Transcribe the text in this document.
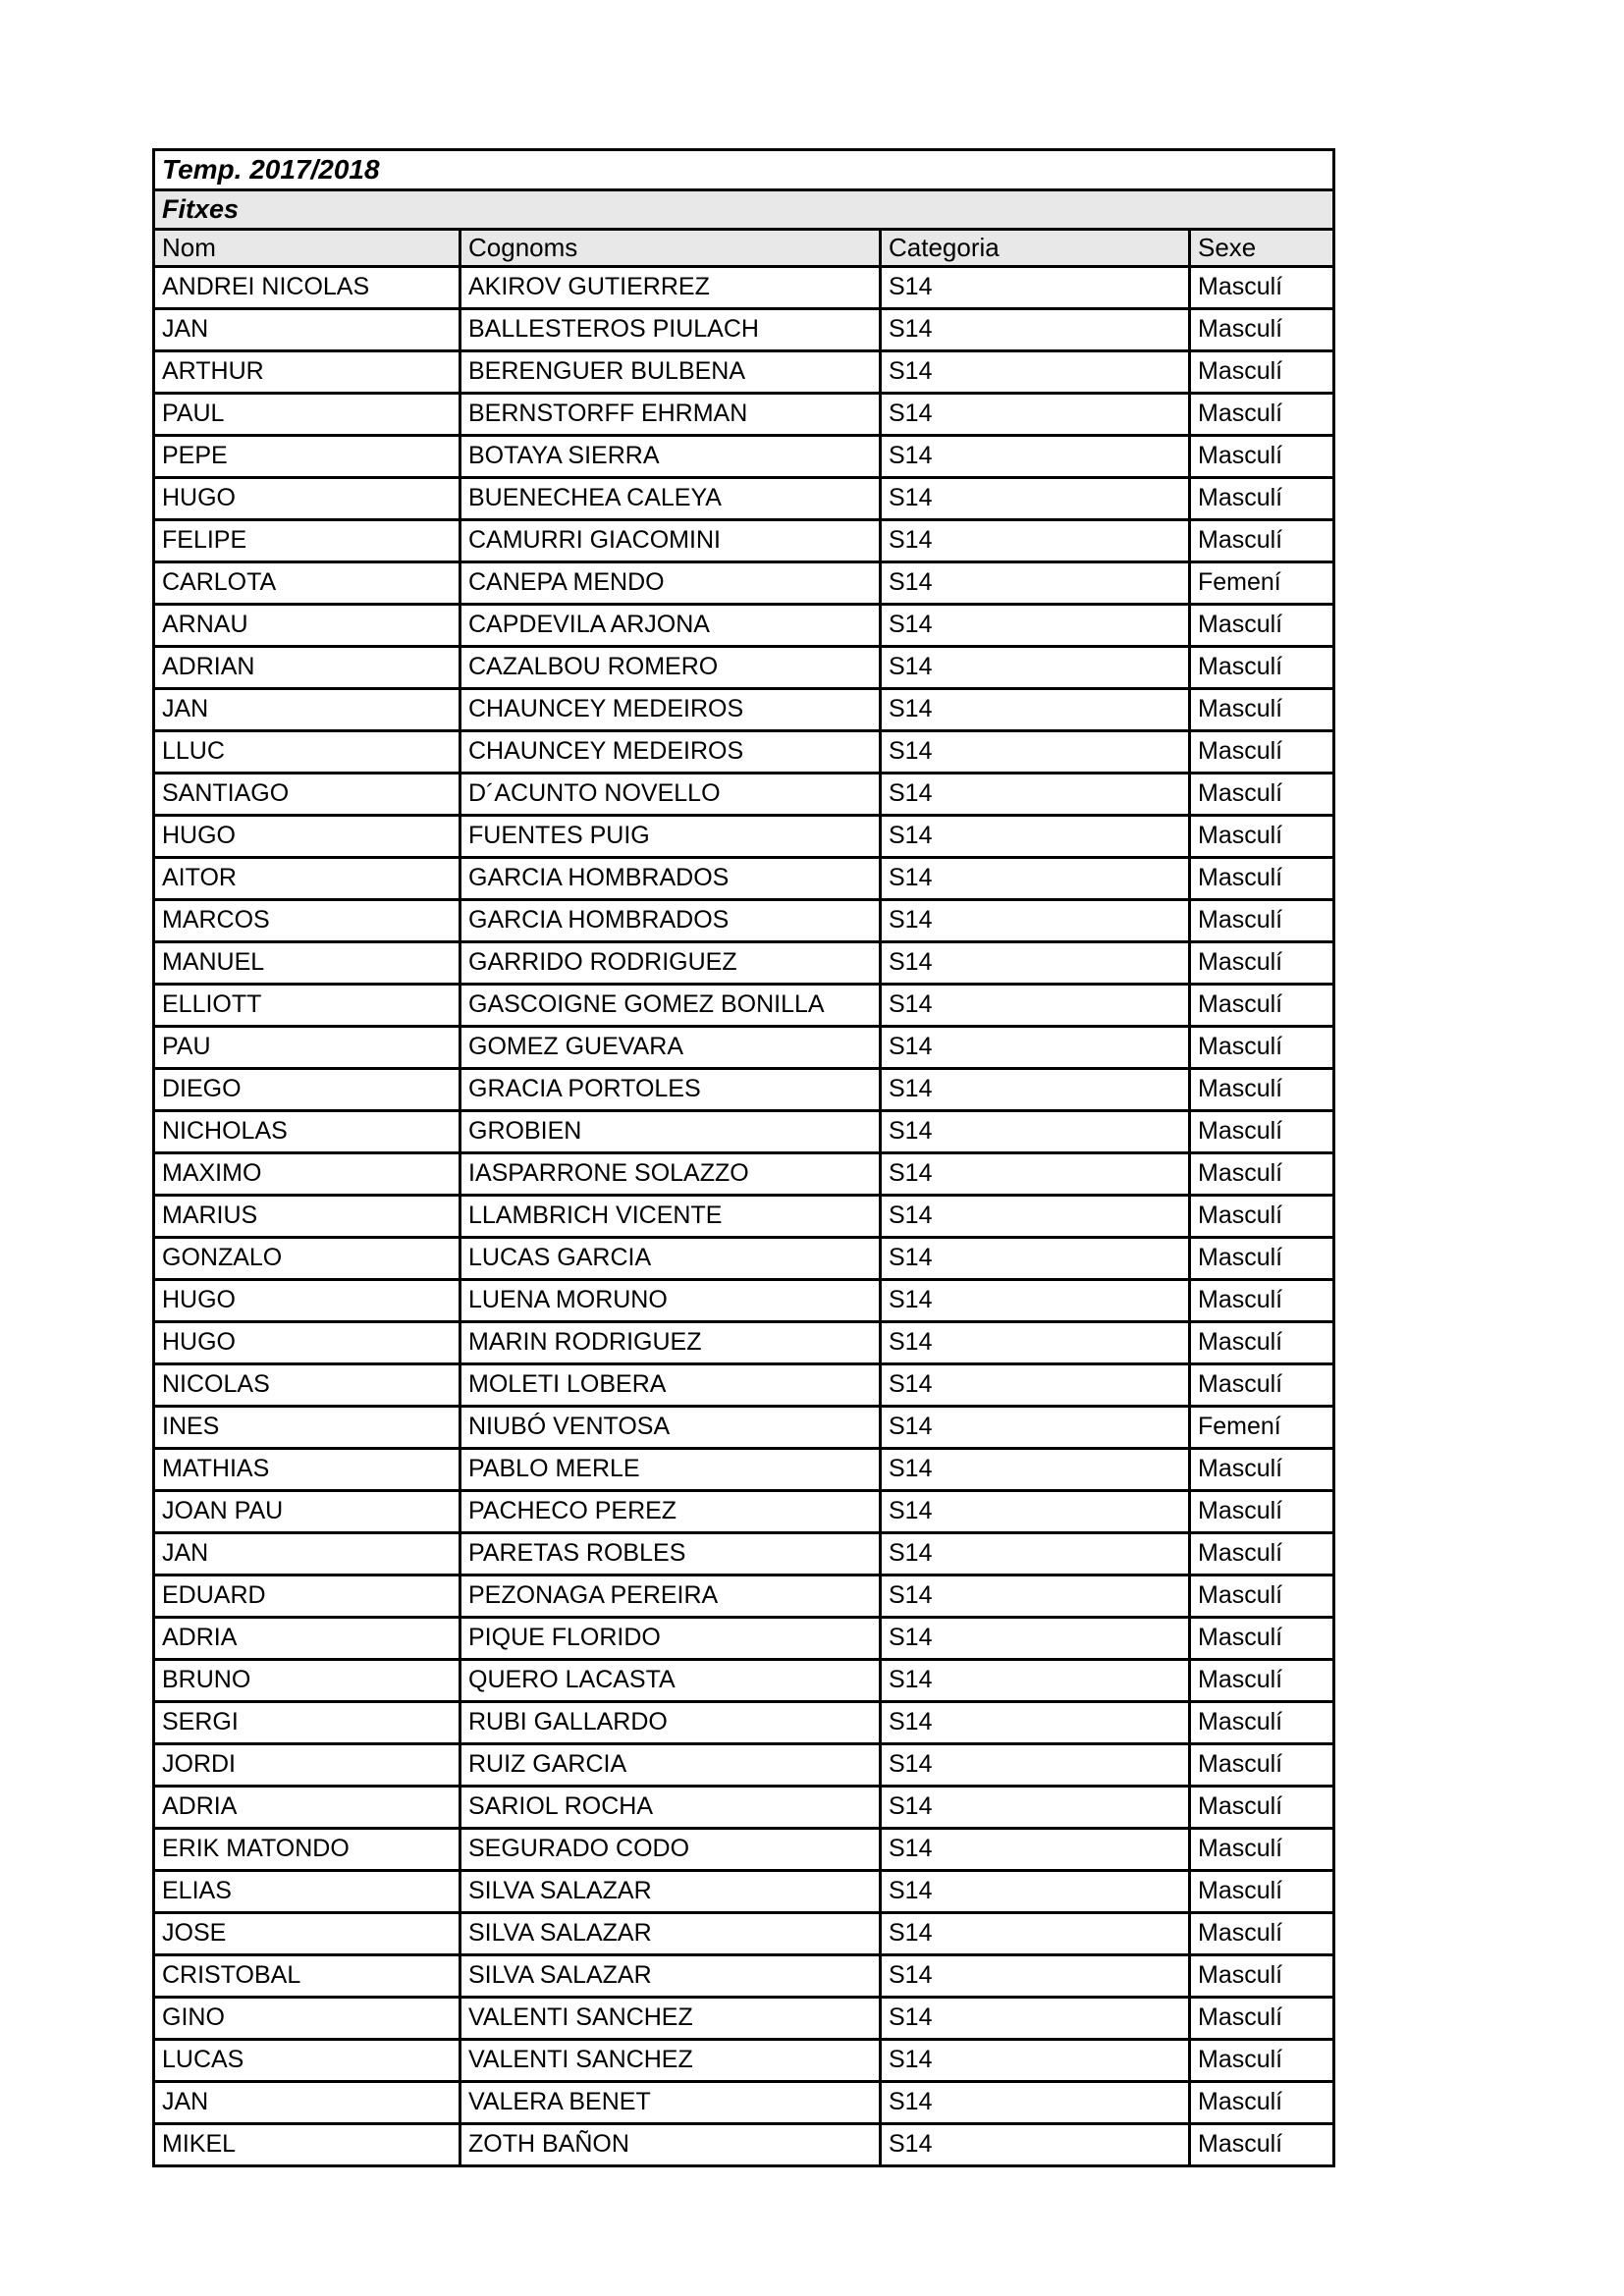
Temp. 2017/2018			
Fitxes			
Nom	Cognoms	Categoria	Sexe
ANDREI NICOLAS	AKIROV GUTIERREZ	S14	Masculí
JAN	BALLESTEROS PIULACH	S14	Masculí
ARTHUR	BERENGUER BULBENA	S14	Masculí
PAUL	BERNSTORFF EHRMAN	S14	Masculí
PEPE	BOTAYA SIERRA	S14	Masculí
HUGO	BUENECHEA CALEYA	S14	Masculí
FELIPE	CAMURRI GIACOMINI	S14	Masculí
CARLOTA	CANEPA MENDO	S14	Femení
ARNAU	CAPDEVILA ARJONA	S14	Masculí
ADRIAN	CAZALBOU ROMERO	S14	Masculí
JAN	CHAUNCEY MEDEIROS	S14	Masculí
LLUC	CHAUNCEY MEDEIROS	S14	Masculí
SANTIAGO	D´ACUNTO NOVELLO	S14	Masculí
HUGO	FUENTES PUIG	S14	Masculí
AITOR	GARCIA HOMBRADOS	S14	Masculí
MARCOS	GARCIA HOMBRADOS	S14	Masculí
MANUEL	GARRIDO RODRIGUEZ	S14	Masculí
ELLIOTT	GASCOIGNE GOMEZ BONILLA	S14	Masculí
PAU	GOMEZ GUEVARA	S14	Masculí
DIEGO	GRACIA PORTOLES	S14	Masculí
NICHOLAS	GROBIEN	S14	Masculí
MAXIMO	IASPARRONE SOLAZZO	S14	Masculí
MARIUS	LLAMBRICH VICENTE	S14	Masculí
GONZALO	LUCAS GARCIA	S14	Masculí
HUGO	LUENA MORUNO	S14	Masculí
HUGO	MARIN RODRIGUEZ	S14	Masculí
NICOLAS	MOLETI LOBERA	S14	Masculí
INES	NIUBÓ VENTOSA	S14	Femení
MATHIAS	PABLO MERLE	S14	Masculí
JOAN PAU	PACHECO PEREZ	S14	Masculí
JAN	PARETAS ROBLES	S14	Masculí
EDUARD	PEZONAGA PEREIRA	S14	Masculí
ADRIA	PIQUE FLORIDO	S14	Masculí
BRUNO	QUERO LACASTA	S14	Masculí
SERGI	RUBI GALLARDO	S14	Masculí
JORDI	RUIZ GARCIA	S14	Masculí
ADRIA	SARIOL ROCHA	S14	Masculí
ERIK MATONDO	SEGURADO CODO	S14	Masculí
ELIAS	SILVA SALAZAR	S14	Masculí
JOSE	SILVA SALAZAR	S14	Masculí
CRISTOBAL	SILVA SALAZAR	S14	Masculí
GINO	VALENTI SANCHEZ	S14	Masculí
LUCAS	VALENTI SANCHEZ	S14	Masculí
JAN	VALERA BENET	S14	Masculí
MIKEL	ZOTH BAÑON	S14	Masculí
